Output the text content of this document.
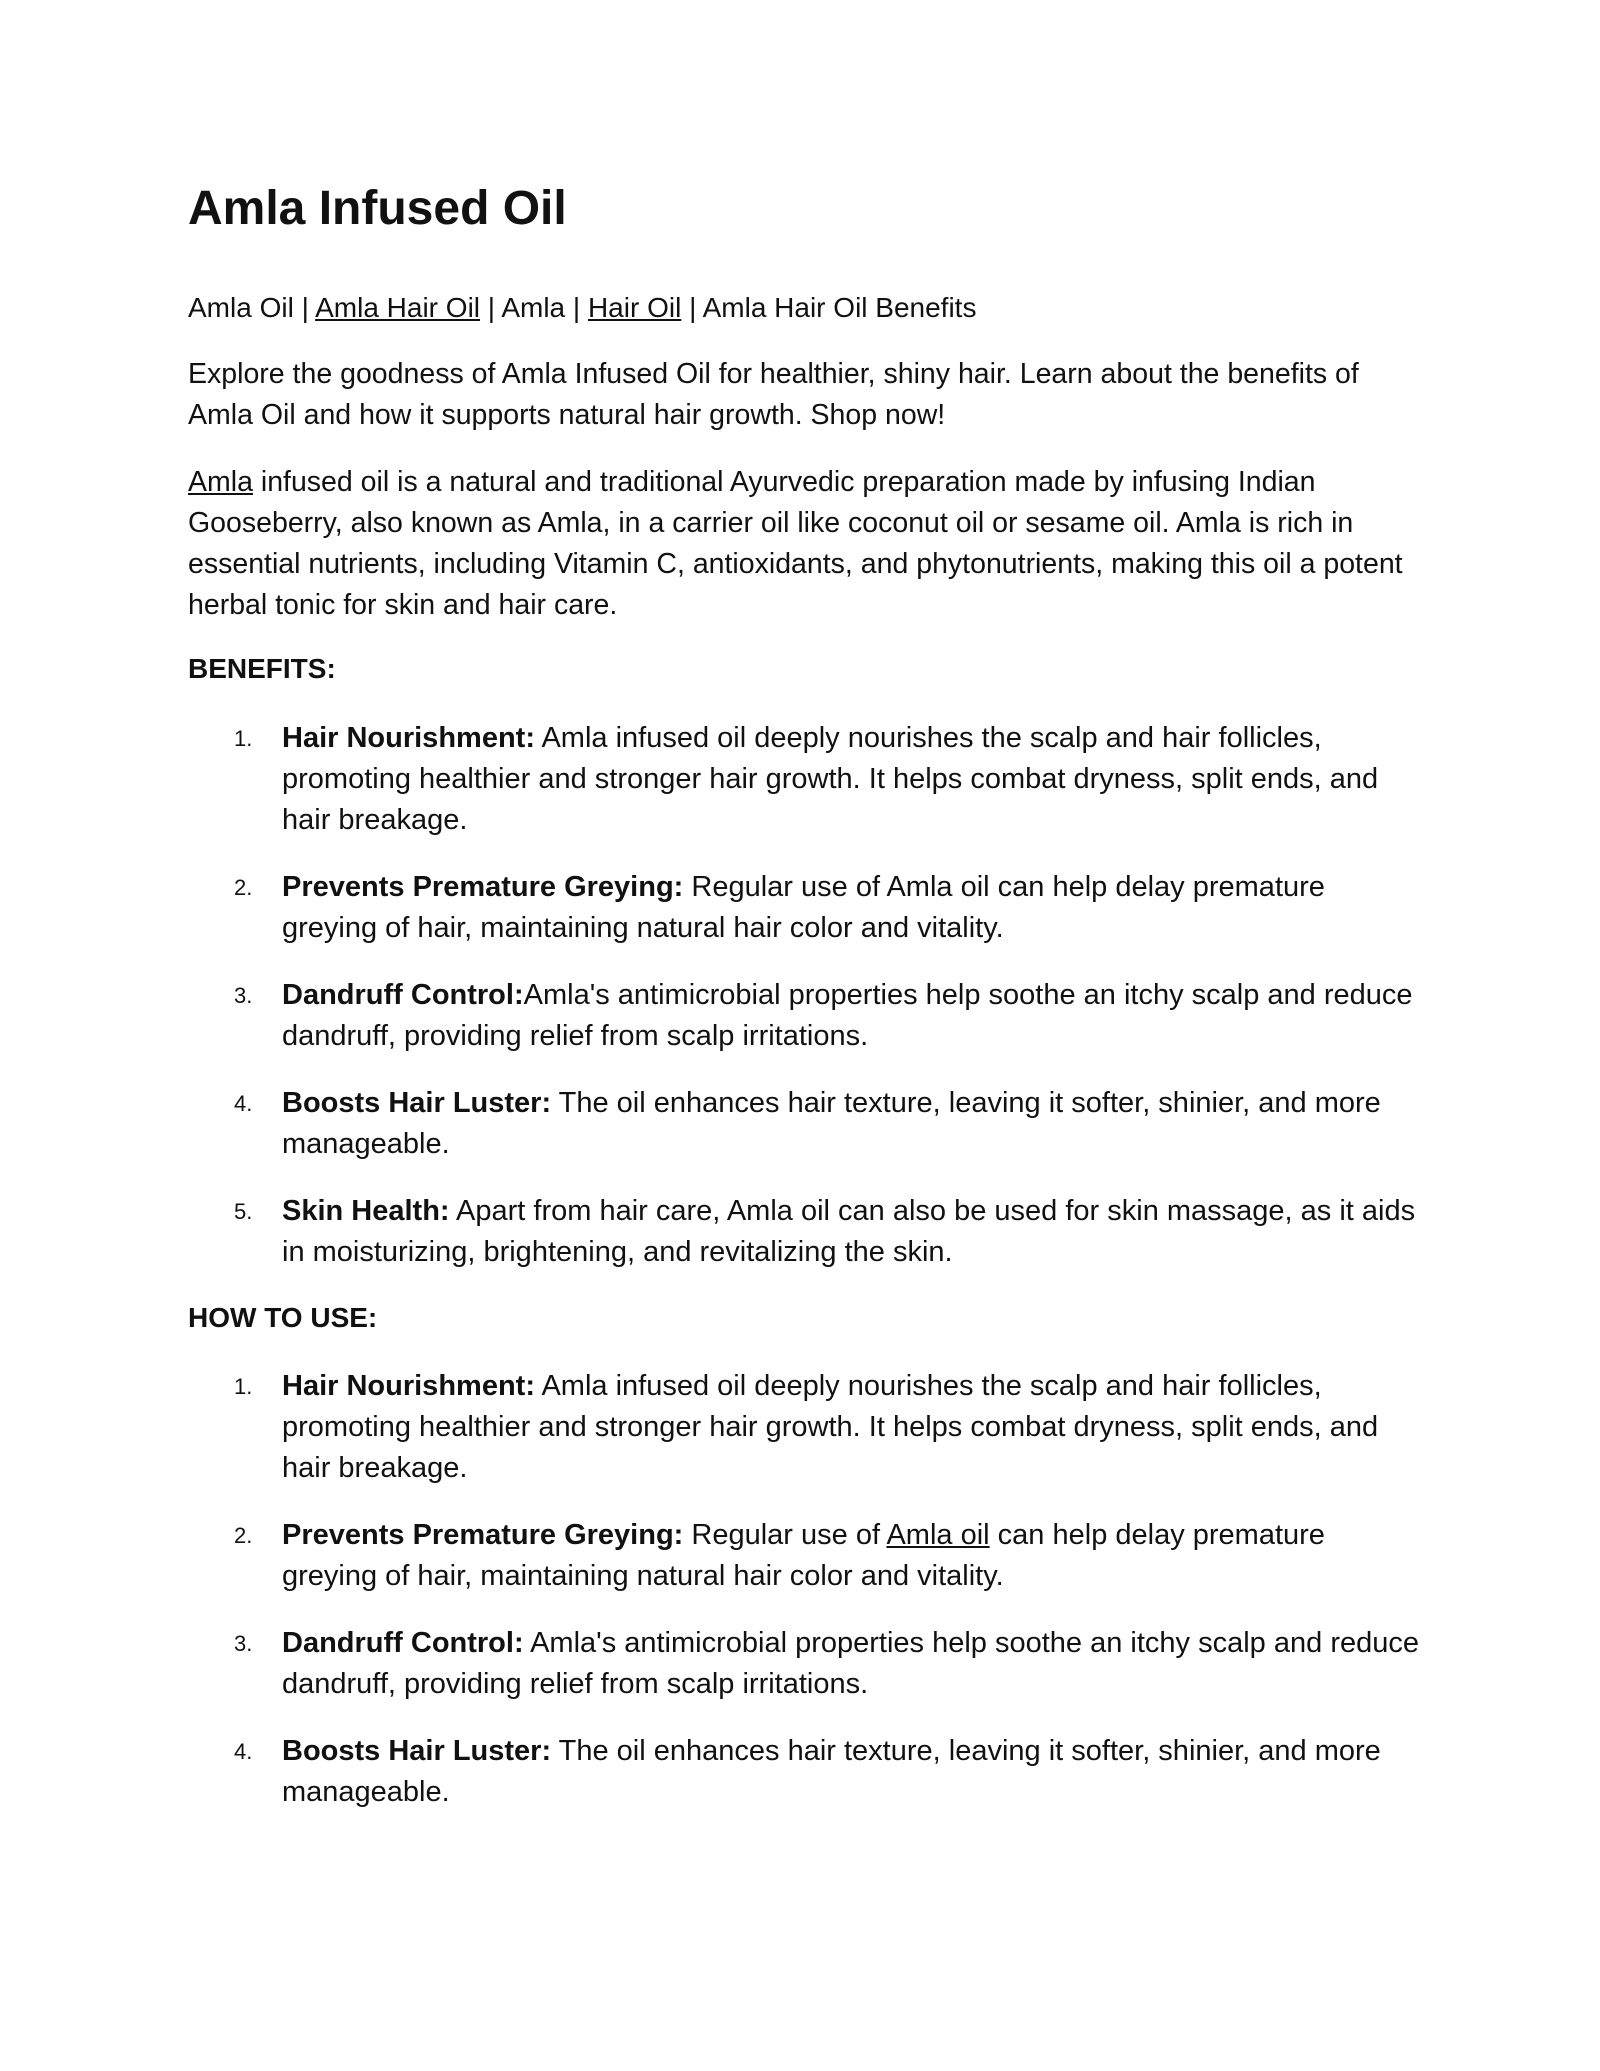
Amla Infused Oil

Amla Oil | Amla Hair Oil | Amla | Hair Oil | Amla Hair Oil Benefits

Explore the goodness of Amla Infused Oil for healthier, shiny hair. Learn about the benefits of Amla Oil and how it supports natural hair growth. Shop now!

Amla infused oil is a natural and traditional Ayurvedic preparation made by infusing Indian Gooseberry, also known as Amla, in a carrier oil like coconut oil or sesame oil. Amla is rich in essential nutrients, including Vitamin C, antioxidants, and phytonutrients, making this oil a potent herbal tonic for skin and hair care.

BENEFITS:
1. Hair Nourishment: Amla infused oil deeply nourishes the scalp and hair follicles, promoting healthier and stronger hair growth. It helps combat dryness, split ends, and hair breakage.
2. Prevents Premature Greying: Regular use of Amla oil can help delay premature greying of hair, maintaining natural hair color and vitality.
3. Dandruff Control:Amla's antimicrobial properties help soothe an itchy scalp and reduce dandruff, providing relief from scalp irritations.
4. Boosts Hair Luster: The oil enhances hair texture, leaving it softer, shinier, and more manageable.
5. Skin Health: Apart from hair care, Amla oil can also be used for skin massage, as it aids in moisturizing, brightening, and revitalizing the skin.
HOW TO USE:
1. Hair Nourishment: Amla infused oil deeply nourishes the scalp and hair follicles, promoting healthier and stronger hair growth. It helps combat dryness, split ends, and hair breakage.
2. Prevents Premature Greying: Regular use of Amla oil can help delay premature greying of hair, maintaining natural hair color and vitality.
3. Dandruff Control: Amla's antimicrobial properties help soothe an itchy scalp and reduce dandruff, providing relief from scalp irritations.
4. Boosts Hair Luster: The oil enhances hair texture, leaving it softer, shinier, and more manageable.
